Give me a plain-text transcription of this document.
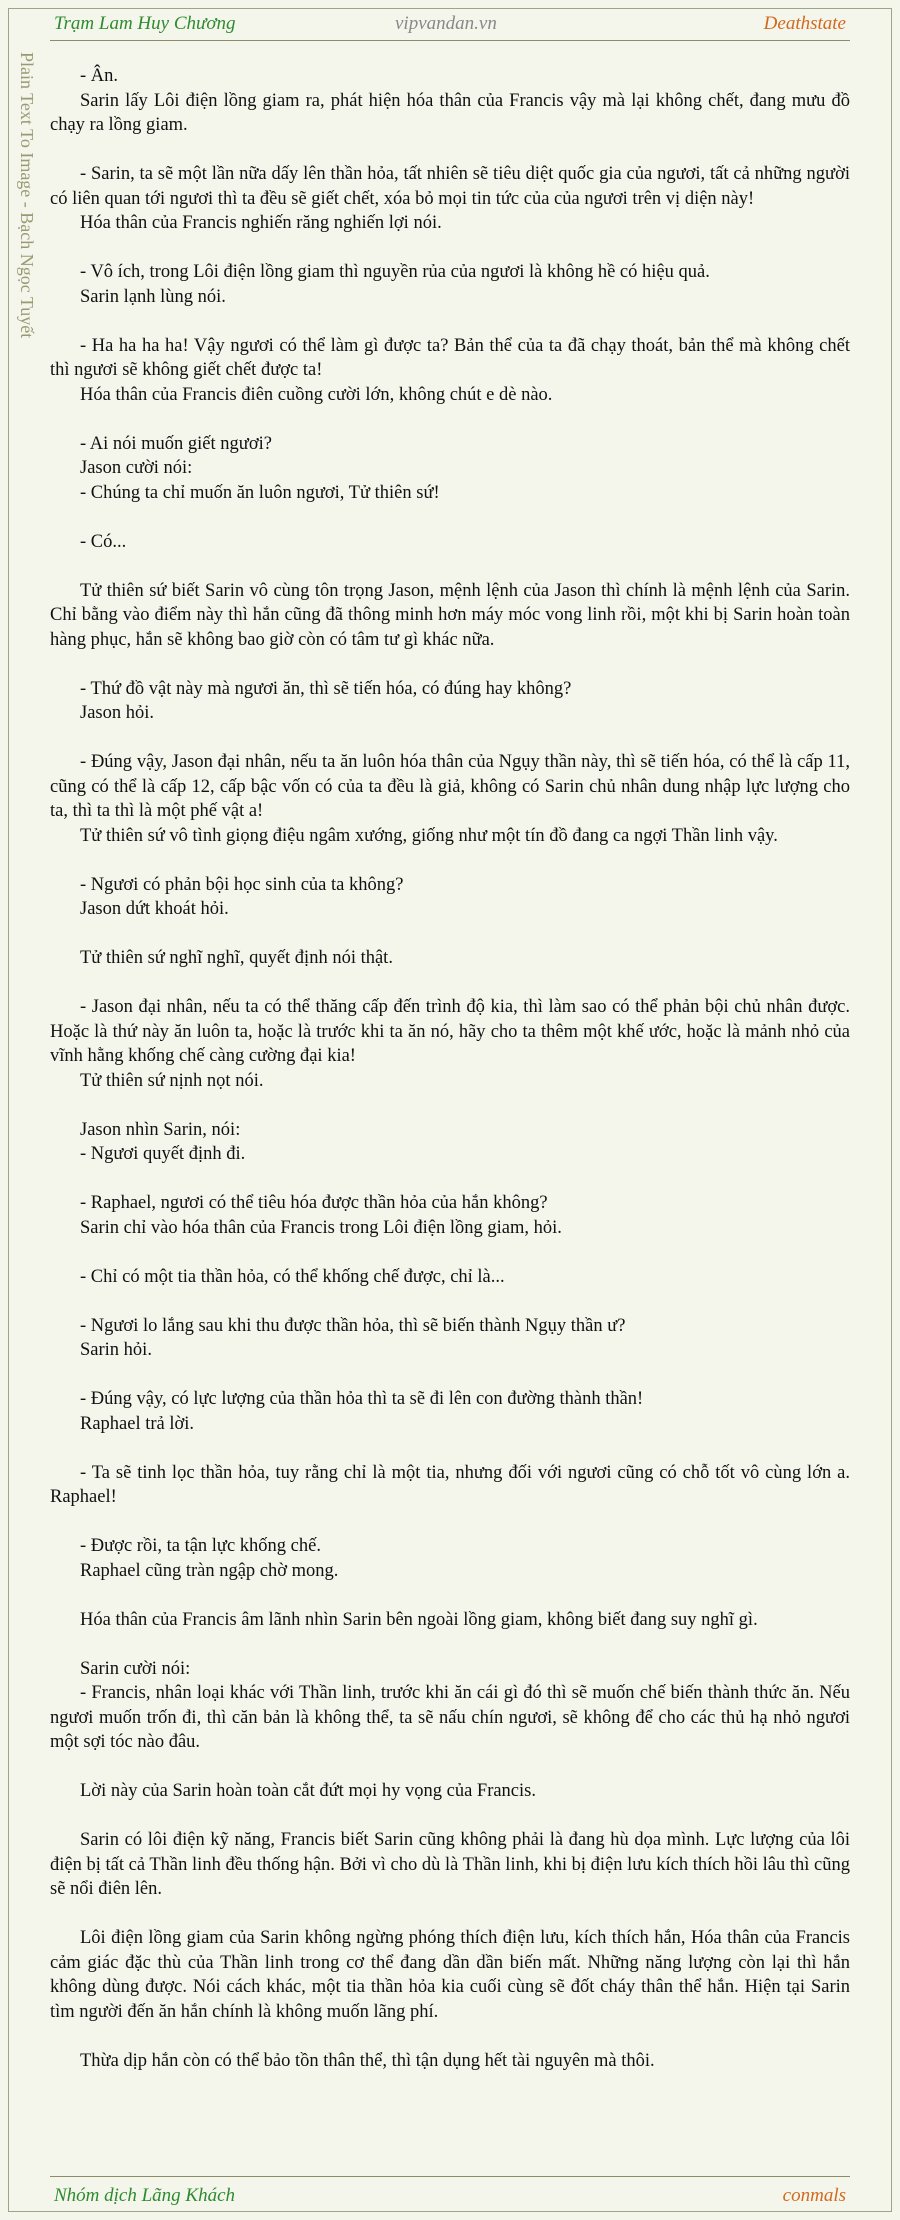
Trạm Lam Huy Chương	vipvandan.vn	Deathstate
Plain Text To Image - Bạch Ngọc Tuyết	- Ân.
Sarin lấy Lôi điện lồng giam ra, phát hiện hóa thân của Francis vậy mà lại không chết, đang mưu đồ chạy ra lồng giam.
- Sarin, ta sẽ một lần nữa dấy lên thần hỏa, tất nhiên sẽ tiêu diệt quốc gia của ngươi, tất cả những người có liên quan tới ngươi thì ta đều sẽ giết chết, xóa bỏ mọi tin tức của của ngươi trên vị diện này!
Hóa thân của Francis nghiến răng nghiến lợi nói.
- Vô ích, trong Lôi điện lồng giam thì nguyền rủa của ngươi là không hề có hiệu quả.
Sarin lạnh lùng nói.
- Ha ha ha ha! Vậy ngươi có thể làm gì được ta? Bản thể của ta đã chạy thoát, bản thể mà không chết thì ngươi sẽ không giết chết được ta!
Hóa thân của Francis điên cuồng cười lớn, không chút e dè nào.
- Ai nói muốn giết ngươi?
Jason cười nói:
- Chúng ta chỉ muốn ăn luôn ngươi, Tử thiên sứ!
- Có...
Tử thiên sứ biết Sarin vô cùng tôn trọng Jason, mệnh lệnh của Jason thì chính là mệnh lệnh của Sarin. Chỉ bằng vào điểm này thì hắn cũng đã thông minh hơn máy móc vong linh rồi, một khi bị Sarin hoàn toàn hàng phục, hắn sẽ không bao giờ còn có tâm tư gì khác nữa.
- Thứ đồ vật này mà ngươi ăn, thì sẽ tiến hóa, có đúng hay không?
Jason hỏi.
- Đúng vậy, Jason đại nhân, nếu ta ăn luôn hóa thân của Ngụy thần này, thì sẽ tiến hóa, có thể là cấp 11, cũng có thể là cấp 12, cấp bậc vốn có của ta đều là giả, không có Sarin chủ nhân dung nhập lực lượng cho ta, thì ta thì là một phế vật a!
Tử thiên sứ vô tình giọng điệu ngâm xướng, giống như một tín đồ đang ca ngợi Thần linh vậy.
- Ngươi có phản bội học sinh của ta không?
Jason dứt khoát hỏi.
Tử thiên sứ nghĩ nghĩ, quyết định nói thật.
- Jason đại nhân, nếu ta có thể thăng cấp đến trình độ kia, thì làm sao có thể phản bội chủ nhân được. Hoặc là thứ này ăn luôn ta, hoặc là trước khi ta ăn nó, hãy cho ta thêm một khế ước, hoặc là mảnh nhỏ của vĩnh hằng khống chế càng cường đại kia!
Tử thiên sứ nịnh nọt nói.
Jason nhìn Sarin, nói:
- Ngươi quyết định đi.
- Raphael, ngươi có thể tiêu hóa được thần hỏa của hắn không?
Sarin chỉ vào hóa thân của Francis trong Lôi điện lồng giam, hỏi.
- Chỉ có một tia thần hỏa, có thể khống chế được, chỉ là...
- Ngươi lo lắng sau khi thu được thần hỏa, thì sẽ biến thành Ngụy thần ư?
Sarin hỏi.
- Đúng vậy, có lực lượng của thần hỏa thì ta sẽ đi lên con đường thành thần!
Raphael trả lời.
- Ta sẽ tinh lọc thần hỏa, tuy rằng chỉ là một tia, nhưng đối với ngươi cũng có chỗ tốt vô cùng lớn a. Raphael!
- Được rồi, ta tận lực khống chế.
Raphael cũng tràn ngập chờ mong.
Hóa thân của Francis âm lãnh nhìn Sarin bên ngoài lồng giam, không biết đang suy nghĩ gì.
Sarin cười nói:
- Francis, nhân loại khác với Thần linh, trước khi ăn cái gì đó thì sẽ muốn chế biến thành thức ăn. Nếu ngươi muốn trốn đi, thì căn bản là không thể, ta sẽ nấu chín ngươi, sẽ không để cho các thủ hạ nhỏ ngươi một sợi tóc nào đâu.
Lời này của Sarin hoàn toàn cắt đứt mọi hy vọng của Francis.
Sarin có lôi điện kỹ năng, Francis biết Sarin cũng không phải là đang hù dọa mình. Lực lượng của lôi điện bị tất cả Thần linh đều thống hận. Bởi vì cho dù là Thần linh, khi bị điện lưu kích thích hồi lâu thì cũng sẽ nổi điên lên.
Lôi điện lồng giam của Sarin không ngừng phóng thích điện lưu, kích thích hắn, Hóa thân của Francis cảm giác đặc thù của Thần linh trong cơ thể đang dần dần biến mất. Những năng lượng còn lại thì hắn không dùng được. Nói cách khác, một tia thần hỏa kia cuối cùng sẽ đốt cháy thân thể hắn. Hiện tại Sarin tìm người đến ăn hắn chính là không muốn lãng phí.
Thừa dịp hắn còn có thể bảo tồn thân thể, thì tận dụng hết tài nguyên mà thôi.
Nhóm dịch Lãng Khách	conmals
